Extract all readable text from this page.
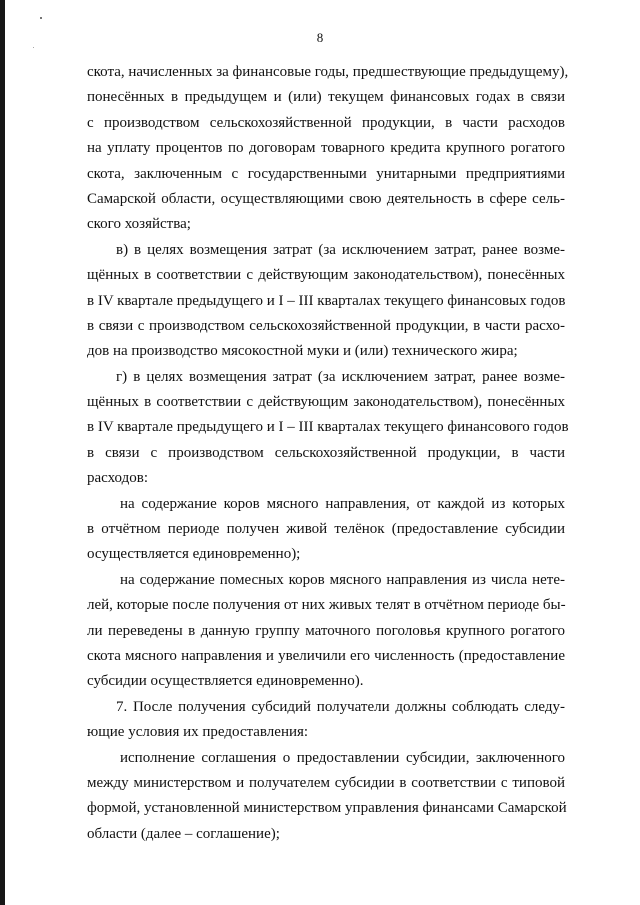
8
скота, начисленных за финансовые годы, предшествующие предыдущему),
понесённых в предыдущем и (или) текущем финансовых годах в связи
с производством сельскохозяйственной продукции, в части расходов
на уплату процентов по договорам товарного кредита крупного рогатого
скота, заключенным с государственными унитарными предприятиями
Самарской области, осуществляющими свою деятельность в сфере сель-
ского хозяйства;
в) в целях возмещения затрат (за исключением затрат, ранее возме-
щённых в соответствии с действующим законодательством), понесённых
в IV квартале предыдущего и I – III кварталах текущего финансовых годов
в связи с производством сельскохозяйственной продукции, в части расхо-
дов на производство мясокостной муки и (или) технического жира;
г) в целях возмещения затрат (за исключением затрат, ранее возме-
щённых в соответствии с действующим законодательством), понесённых
в IV квартале предыдущего и I – III кварталах текущего финансового годов
в связи с производством сельскохозяйственной продукции, в части
расходов:
на содержание коров мясного направления, от каждой из которых
в отчётном периоде получен живой телёнок (предоставление субсидии
осуществляется единовременно);
на содержание помесных коров мясного направления из числа нете-
лей, которые после получения от них живых телят в отчётном периоде бы-
ли переведены в данную группу маточного поголовья крупного рогатого
скота мясного направления и увеличили его численность (предоставление
субсидии осуществляется единовременно).
7. После получения субсидий получатели должны соблюдать следу-
ющие условия их предоставления:
исполнение соглашения о предоставлении субсидии, заключенного
между министерством и получателем субсидии в соответствии с типовой
формой, установленной министерством управления финансами Самарской
области (далее – соглашение);
